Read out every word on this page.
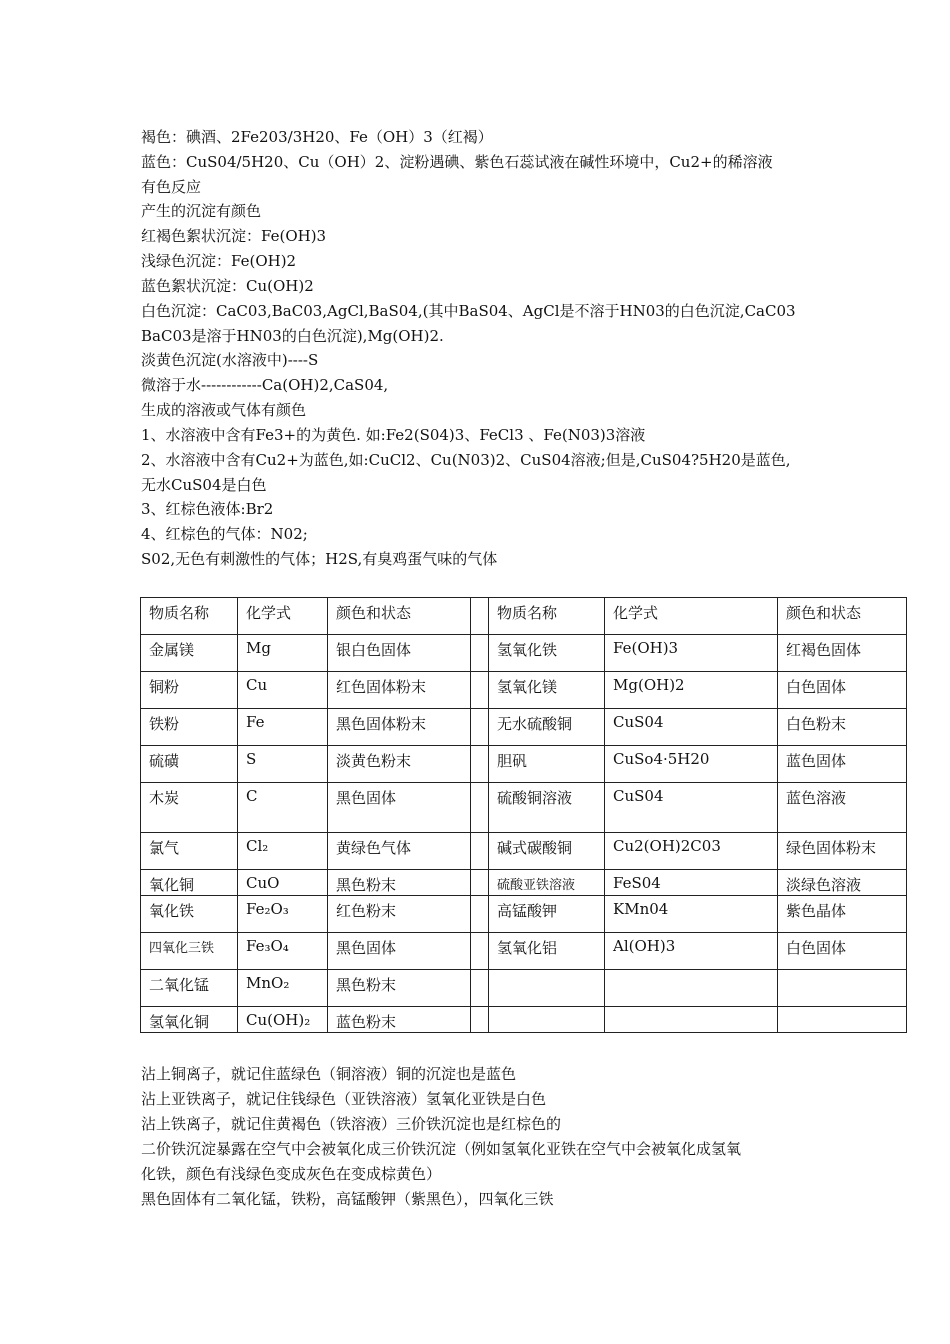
褐色：碘酒、2Fe203/3H20、Fe（OH）3（红褐）
蓝色：CuS04/5H20、Cu（OH）2、淀粉遇碘、紫色石蕊试液在碱性环境中，Cu2+的稀溶液
有色反应
产生的沉淀有颜色
红褐色絮状沉淀：Fe(OH)3
浅绿色沉淀：Fe(OH)2
蓝色絮状沉淀：Cu(OH)2
白色沉淀：CaC03,BaC03,AgCl,BaS04,(其中BaS04、AgCl是不溶于HN03的白色沉淀,CaC03
BaC03是溶于HN03的白色沉淀),Mg(OH)2.
淡黄色沉淀(水溶液中)----S
微溶于水------------Ca(OH)2,CaS04,
生成的溶液或气体有颜色
1、水溶液中含有Fe3+的为黄色. 如:Fe2(S04)3、FeCl3 、Fe(N03)3溶液
2、水溶液中含有Cu2+为蓝色,如:CuCl2、Cu(N03)2、CuS04溶液;但是,CuS04?5H20是蓝色,
无水CuS04是白色
3、红棕色液体:Br2
4、红棕色的气体：N02;
S02,无色有刺激性的气体；H2S,有臭鸡蛋气味的气体
物质名称	化学式	颜色和状态		物质名称	化学式	颜色和状态
金属镁	Mg	银白色固体		氢氧化铁	Fe(OH)3	红褐色固体
铜粉	Cu	红色固体粉末		氢氧化镁	Mg(OH)2	白色固体
铁粉	Fe	黑色固体粉末		无水硫酸铜	CuS04	白色粉末
硫磺	S	淡黄色粉末		胆矾	CuSo4·5H20	蓝色固体
木炭	C	黑色固体		硫酸铜溶液	CuS04	蓝色溶液
氯气	Cl₂	黄绿色气体		碱式碳酸铜	Cu2(OH)2C03	绿色固体粉末
氧化铜	CuO	黑色粉末		硫酸亚铁溶液	FeS04	淡绿色溶液
氧化铁	Fe₂O₃	红色粉末		高锰酸钾	KMn04	紫色晶体
四氧化三铁	Fe₃O₄	黑色固体		氢氧化铝	Al(OH)3	白色固体
二氧化锰	MnO₂	黑色粉末				
氢氧化铜	Cu(OH)₂	蓝色粉末				
沾上铜离子，就记住蓝绿色（铜溶液）铜的沉淀也是蓝色
沾上亚铁离子，就记住钱绿色（亚铁溶液）氢氧化亚铁是白色
沾上铁离子，就记住黄褐色（铁溶液）三价铁沉淀也是红棕色的
二价铁沉淀暴露在空气中会被氧化成三价铁沉淀（例如氢氧化亚铁在空气中会被氧化成氢氧
化铁，颜色有浅绿色变成灰色在变成棕黄色）
黑色固体有二氧化锰，铁粉，高锰酸钾（紫黑色），四氧化三铁
